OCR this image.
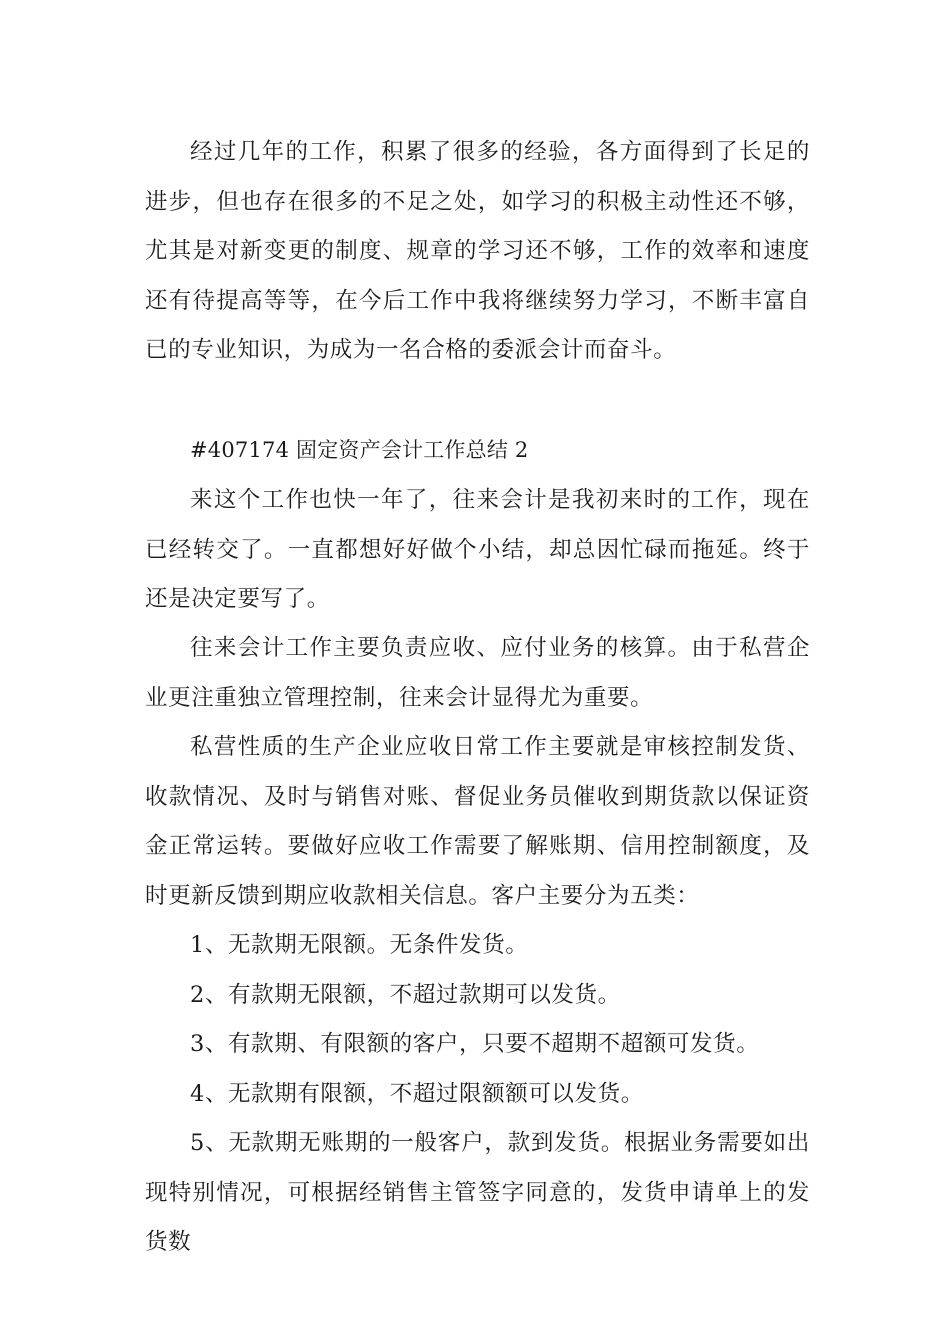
经过几年的工作，积累了很多的经验，各方面得到了长足的进步，但也存在很多的不足之处，如学习的积极主动性还不够，尤其是对新变更的制度、规章的学习还不够，工作的效率和速度还有待提高等等，在今后工作中我将继续努力学习，不断丰富自已的专业知识，为成为一名合格的委派会计而奋斗。

#407174 固定资产会计工作总结 2

来这个工作也快一年了，往来会计是我初来时的工作，现在已经转交了。一直都想好好做个小结，却总因忙碌而拖延。终于还是决定要写了。

往来会计工作主要负责应收、应付业务的核算。由于私营企业更注重独立管理控制，往来会计显得尤为重要。

私营性质的生产企业应收日常工作主要就是审核控制发货、收款情况、及时与销售对账、督促业务员催收到期货款以保证资金正常运转。要做好应收工作需要了解账期、信用控制额度，及时更新反馈到期应收款相关信息。客户主要分为五类：

1、无款期无限额。无条件发货。

2、有款期无限额，不超过款期可以发货。

3、有款期、有限额的客户，只要不超期不超额可发货。

4、无款期有限额，不超过限额额可以发货。

5、无款期无账期的一般客户，款到发货。根据业务需要如出现特别情况，可根据经销售主管签字同意的，发货申请单上的发货数
